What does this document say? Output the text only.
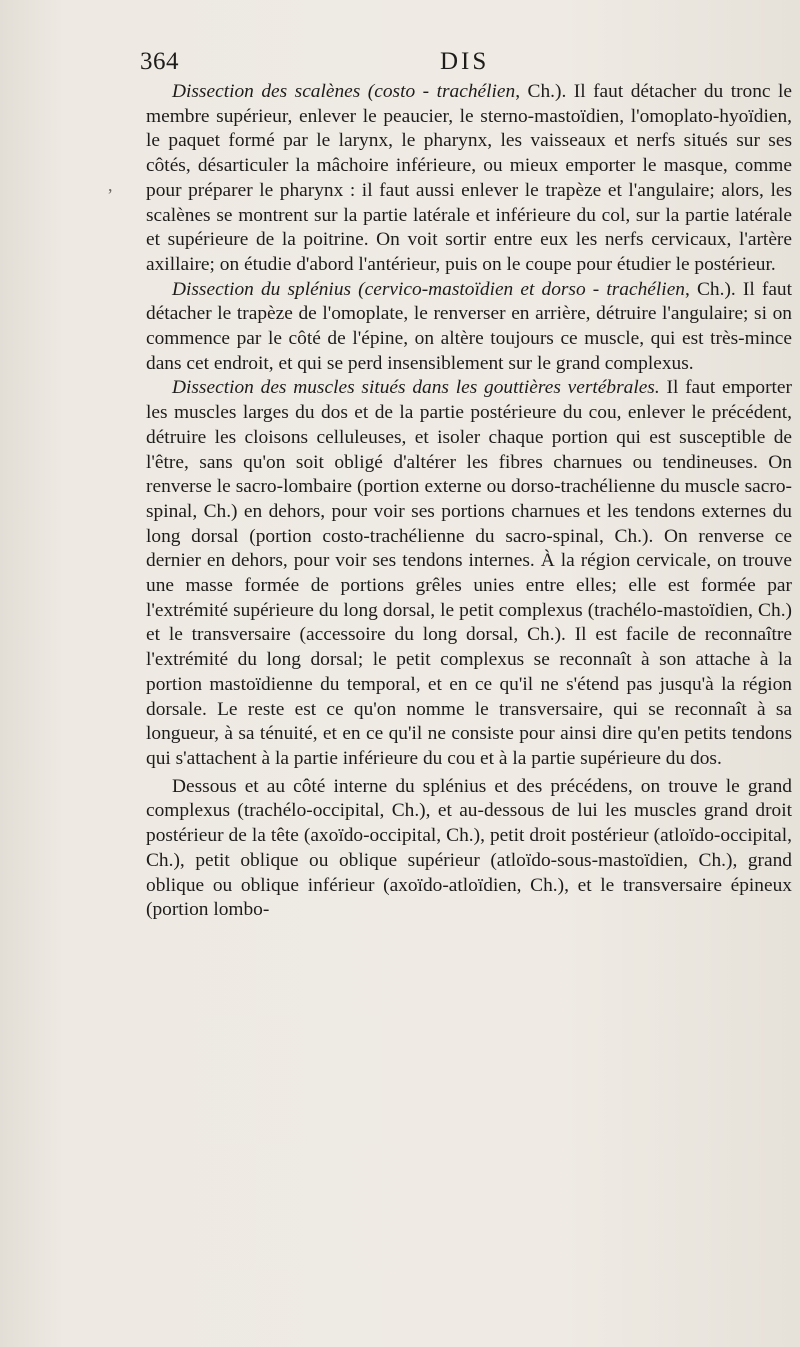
364	DIS
,

Dissection des scalènes (costo - trachélien, Ch.). Il faut détacher du tronc le membre supérieur, enlever le peaucier, le sterno-mastoïdien, l'omoplato-hyoïdien, le paquet formé par le larynx, le pharynx, les vaisseaux et nerfs situés sur ses côtés, désarticuler la mâchoire inférieure, ou mieux emporter le masque, comme pour préparer le pharynx : il faut aussi enlever le trapèze et l'angulaire; alors, les scalènes se montrent sur la partie latérale et inférieure du col, sur la partie latérale et supérieure de la poitrine. On voit sortir entre eux les nerfs cervicaux, l'artère axillaire; on étudie d'abord l'antérieur, puis on le coupe pour étudier le postérieur.

Dissection du splénius (cervico-mastoïdien et dorso - trachélien, Ch.). Il faut détacher le trapèze de l'omoplate, le renverser en arrière, détruire l'angulaire; si on commence par le côté de l'épine, on altère toujours ce muscle, qui est très-mince dans cet endroit, et qui se perd insensiblement sur le grand complexus.

Dissection des muscles situés dans les gouttières vertébrales. Il faut emporter les muscles larges du dos et de la partie postérieure du cou, enlever le précédent, détruire les cloisons celluleuses, et isoler chaque portion qui est susceptible de l'être, sans qu'on soit obligé d'altérer les fibres charnues ou tendineuses. On renverse le sacro-lombaire (portion externe ou dorso-trachélienne du muscle sacro-spinal, Ch.) en dehors, pour voir ses portions charnues et les tendons externes du long dorsal (portion costo-trachélienne du sacro-spinal, Ch.). On renverse ce dernier en dehors, pour voir ses tendons internes. À la région cervicale, on trouve une masse formée de portions grêles unies entre elles; elle est formée par l'extrémité supérieure du long dorsal, le petit complexus (trachélo-mastoïdien, Ch.) et le transversaire (accessoire du long dorsal, Ch.). Il est facile de reconnaître l'extrémité du long dorsal; le petit complexus se reconnaît à son attache à la portion mastoïdienne du temporal, et en ce qu'il ne s'étend pas jusqu'à la région dorsale. Le reste est ce qu'on nomme le transversaire, qui se reconnaît à sa longueur, à sa ténuité, et en ce qu'il ne consiste pour ainsi dire qu'en petits tendons qui s'attachent à la partie inférieure du cou et à la partie supérieure du dos.

Dessous et au côté interne du splénius et des précédens, on trouve le grand complexus (trachélo-occipital, Ch.), et au-dessous de lui les muscles grand droit postérieur de la tête (axoïdo-occipital, Ch.), petit droit postérieur (atloïdo-occipital, Ch.), petit oblique ou oblique supérieur (atloïdo-sous-mastoïdien, Ch.), grand oblique ou oblique inférieur (axoïdo-atloïdien, Ch.), et le transversaire épineux (portion lombo-
